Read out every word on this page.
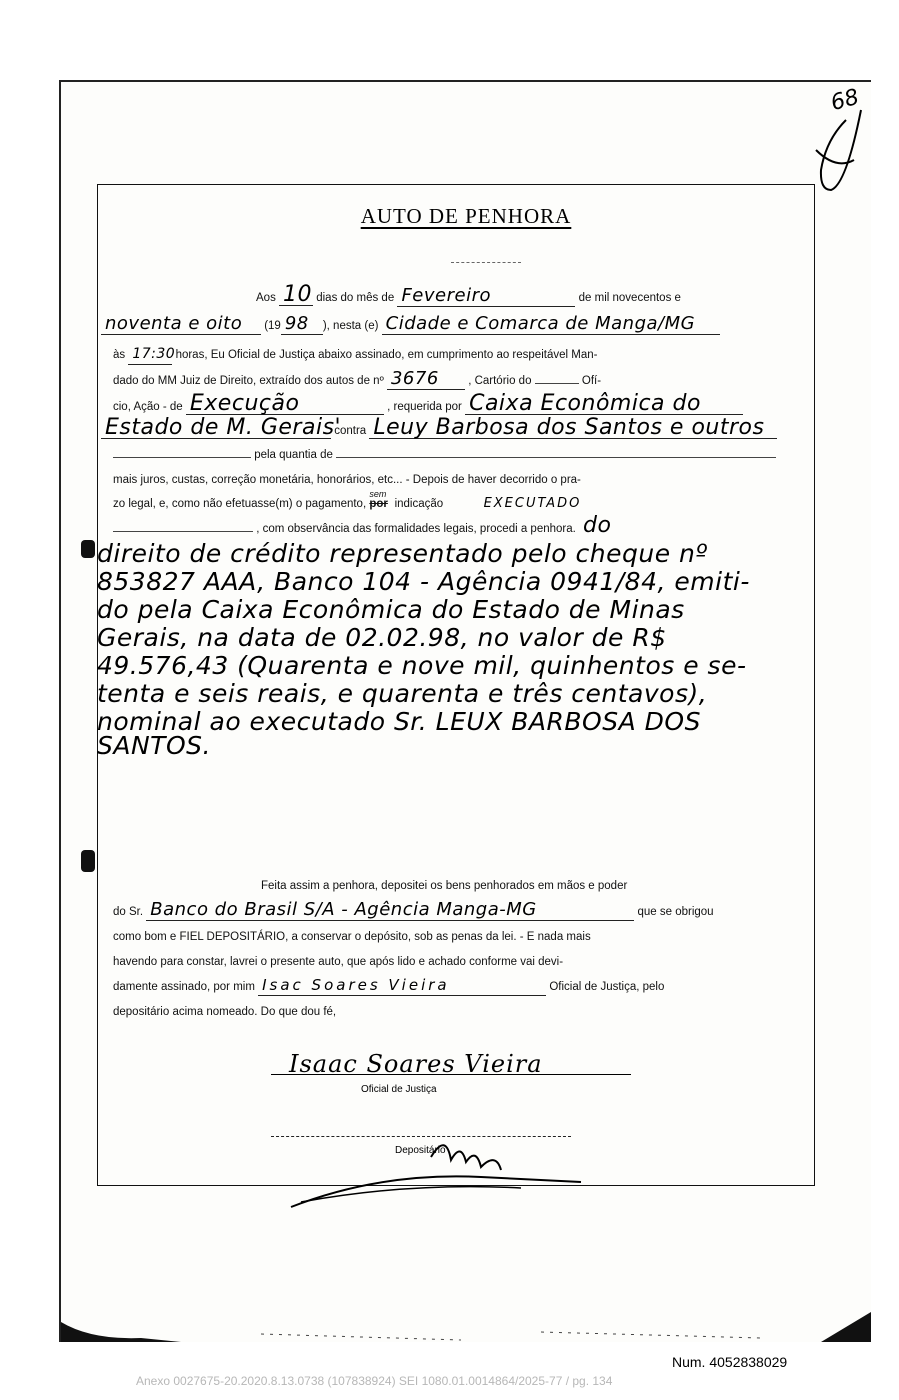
68
AUTO DE PENHORA
Aos 10 dias do mês de Fevereiro	de mil novecentos e
noventa e oito (19 98 ), nesta (e) Cidade e Comarca de Manga/MG
às 17:30 horas, Eu Oficial de Justiça abaixo assinado, em cumprimento ao respeitável Man-
dado do MM Juiz de Direito, extraído dos autos de nº 3676	, Cartório do	Ofí-
cio, Ação - de Execução	, requerida por Caixa Econômica do
Estado de M. Gerais' contra Leuy Barbosa dos Santos e outros
pela quantia de
mais juros, custas, correção monetária, honorários, etc... - Depois de haver decorrido o pra-
zo legal, e, como não efetuasse(m) o pagamento,
sem
por indicação	EXECUTADO
, com observância das formalidades legais, procedi a penhora. do
direito de crédito representado pelo cheque nº
853827 AAA, Banco 104 - Agência 0941/84, emiti-
do pela Caixa Econômica do Estado de Minas
Gerais, na data de 02.02.98, no valor de R$
49.576,43 (Quarenta e nove mil, quinhentos e se-
tenta e seis reais, e quarenta e três centavos),
nominal ao executado Sr. LEUX BARBOSA DOS
SANTOS.
Feita assim a penhora, depositei os bens penhorados em mãos e poder
do Sr. Banco do Brasil S/A - Agência Manga-MG	que se obrigou
como bom e FIEL DEPOSITÁRIO, a conservar o depósito, sob as penas da lei. - E nada mais
havendo para constar, lavrei o presente auto, que após lido e achado conforme vai devi-
damente assinado, por mim Isac Soares Vieira	Oficial de Justiça, pelo
depositário acima nomeado. Do que dou fé,
Isaac Soares Vieira
Oficial de Justiça
Depositário
Num. 4052838029
Anexo 0027675-20.2020.8.13.0738 (107838924) SEI 1080.01.0014864/2025-77 / pg. 134
